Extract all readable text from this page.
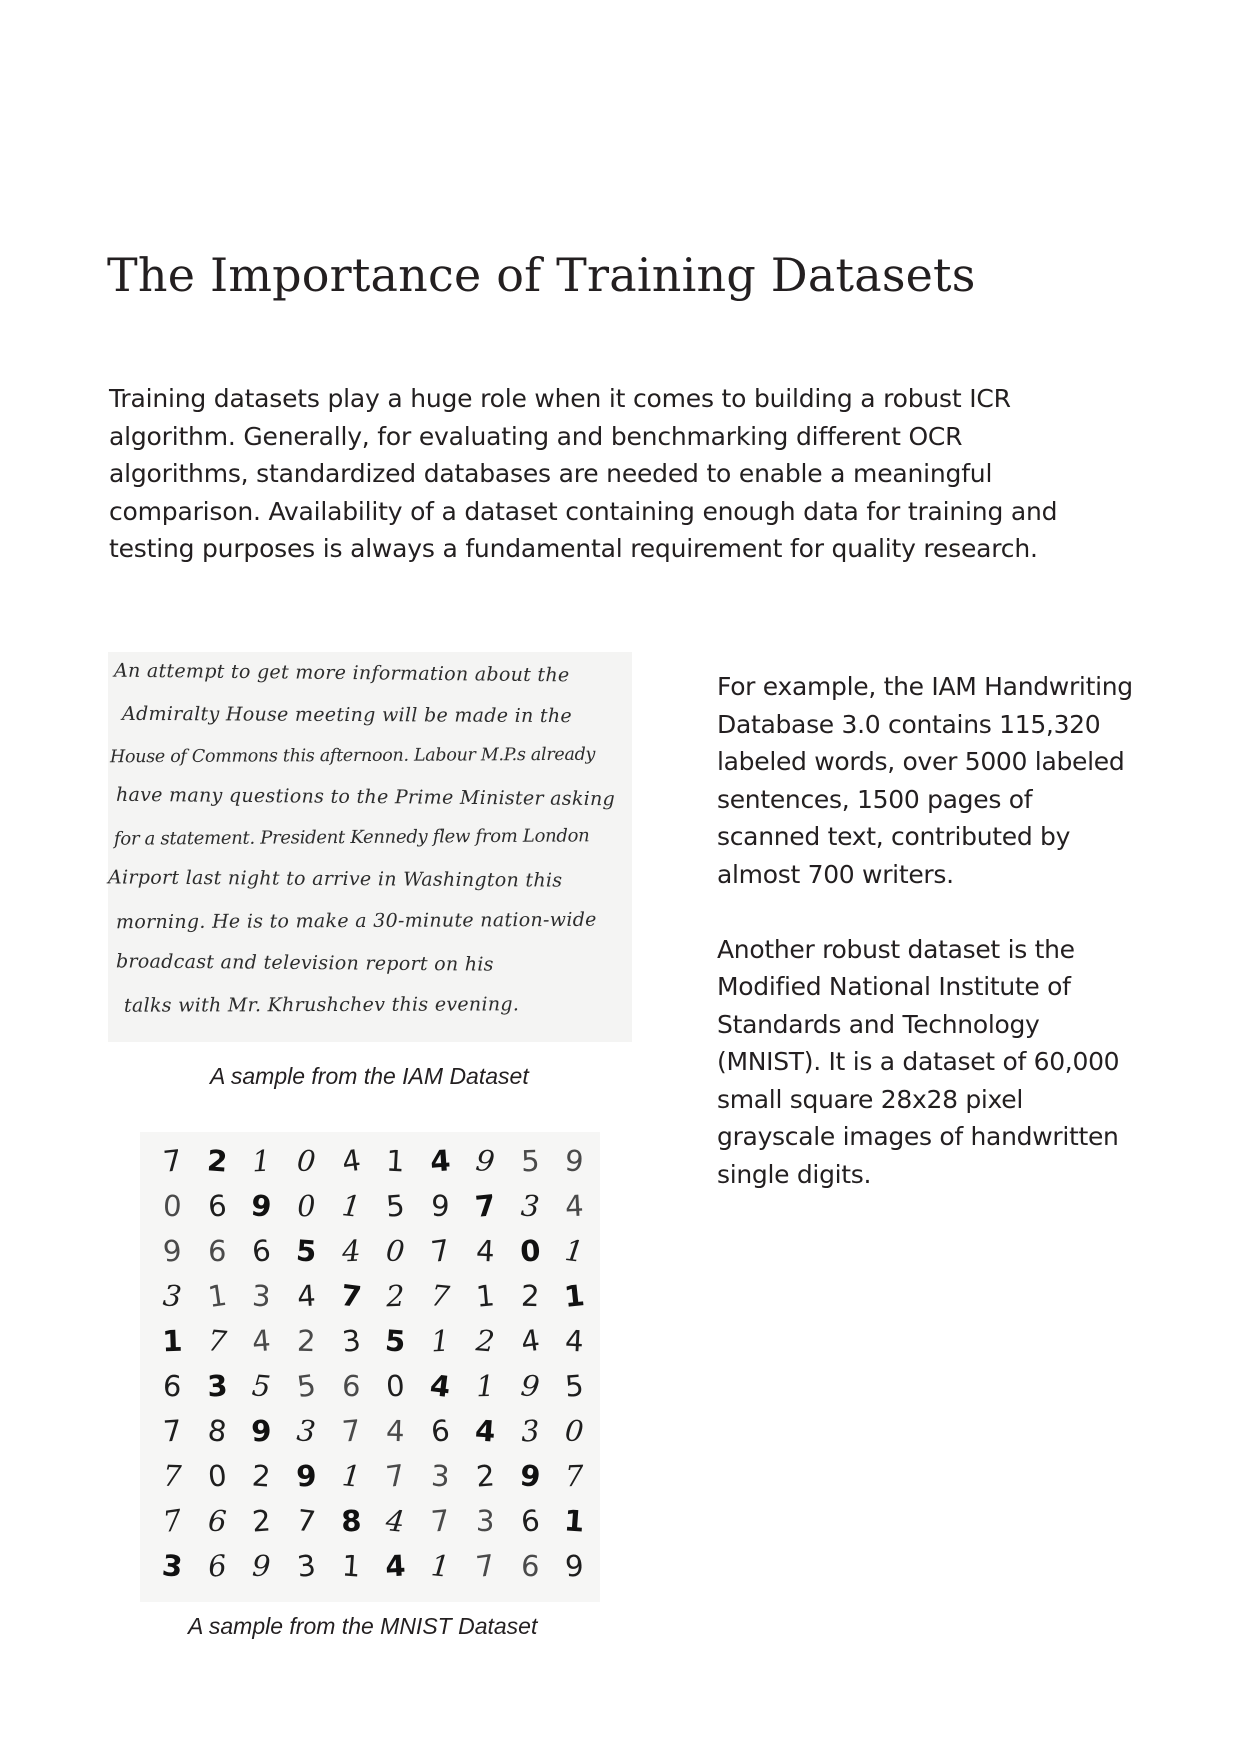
The Importance of Training Datasets

Training datasets play a huge role when it comes to building a robust ICR algorithm. Generally, for evaluating and benchmarking different OCR algorithms, standardized databases are needed to enable a meaningful comparison. Availability of a dataset containing enough data for training and testing purposes is always a fundamental requirement for quality research.

An attempt to get more information about the

Admiralty House meeting will be made in the

House of Commons this afternoon. Labour M.P.s already

have many questions to the Prime Minister asking

for a statement. President Kennedy flew from London

Airport last night to arrive in Washington this

morning. He is to make a 30-minute nation-wide

broadcast and television report on his

talks with Mr. Khrushchev this evening.

A sample from the IAM Dataset

7 2 1 0 4 1 4 9 5 9
0 6 9 0 1 5 9 7 3 4
9 6 6 5 4 0 7 4 0 1
3 1 3 4 7 2 7 1 2 1
1 7 4 2 3 5 1 2 4 4
6 3 5 5 6 0 4 1 9 5
7 8 9 3 7 4 6 4 3 0
7 0 2 9 1 7 3 2 9 7
7 6 2 7 8 4 7 3 6 1
3 6 9 3 1 4 1 7 6 9

A sample from the MNIST Dataset

For example, the IAM Handwriting Database 3.0 contains 115,320 labeled words, over 5000 labeled sentences, 1500 pages of scanned text, contributed by almost 700 writers.

Another robust dataset is the Modified National Institute of Standards and Technology (MNIST). It is a dataset of 60,000 small square 28x28 pixel grayscale images of handwritten single digits.
